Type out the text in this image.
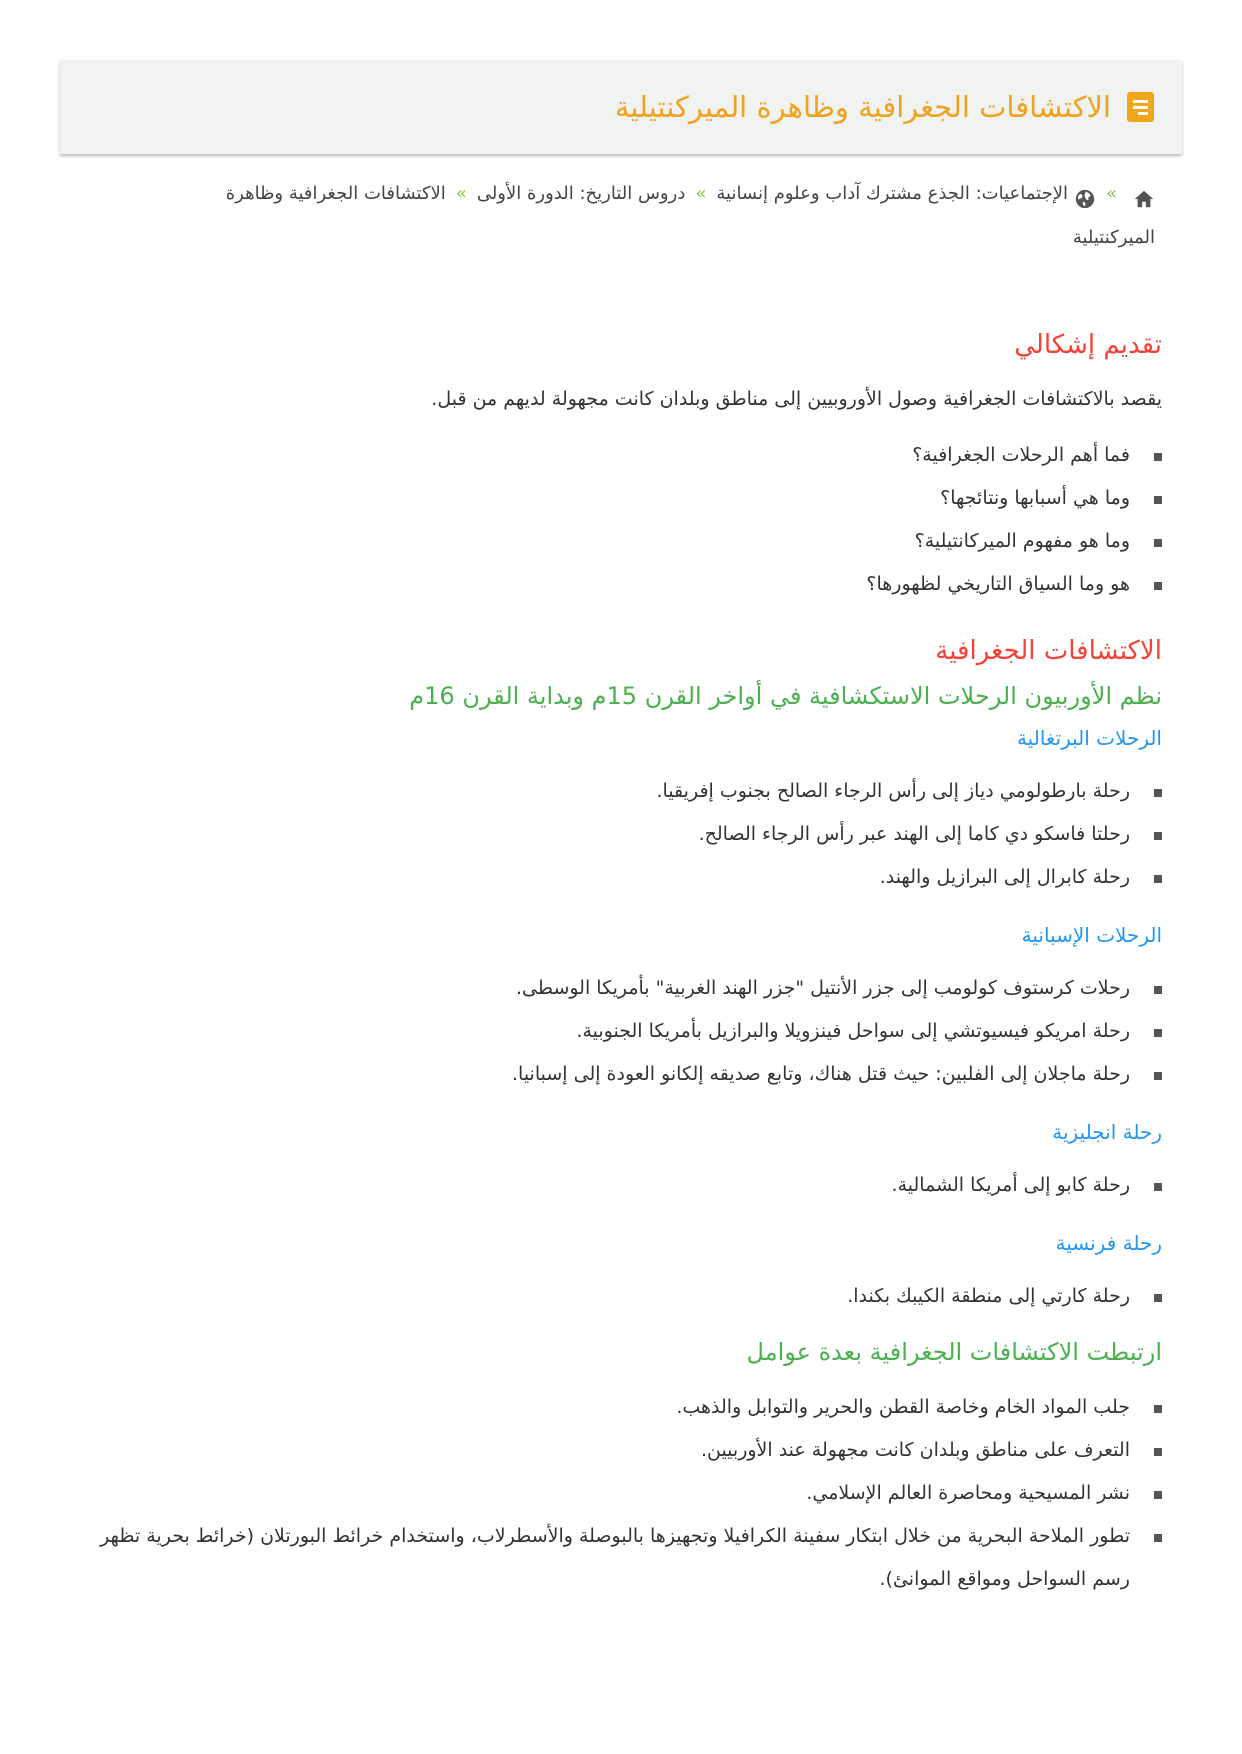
الاكتشافات الجغرافية وظاهرة الميركنتيلية
»الإجتماعيات: الجذع مشترك آداب وعلوم إنسانية»دروس التاريخ: الدورة الأولى»الاكتشافات الجغرافية وظاهرة الميركنتيلية
تقديم إشكالي

يقصد بالاكتشافات الجغرافية وصول الأوروبيين إلى مناطق وبلدان كانت مجهولة لديهم من قبل.

فما أهم الرحلات الجغرافية؟
وما هي أسبابها ونتائجها؟
وما هو مفهوم الميركانتيلية؟
هو وما السياق التاريخي لظهورها؟
الاكتشافات الجغرافية
نظم الأوربيون الرحلات الاستكشافية في أواخر القرن 15م وبداية القرن 16م
الرحلات البرتغالية
رحلة بارطولومي دياز إلى رأس الرجاء الصالح بجنوب إفريقيا.
رحلتا فاسكو دي كاما إلى الهند عبر رأس الرجاء الصالح.
رحلة كابرال إلى البرازيل والهند.
الرحلات الإسبانية
رحلات كرستوف كولومب إلى جزر الأنتيل "جزر الهند الغربية" بأمريكا الوسطى.
رحلة امريكو فيسيوتشي إلى سواحل فينزويلا والبرازيل بأمريكا الجنوبية.
رحلة ماجلان إلى الفلبين: حيث قتل هناك، وتابع صديقه إلكانو العودة إلى إسبانيا.
رحلة انجليزية
رحلة كابو إلى أمريكا الشمالية.
رحلة فرنسية
رحلة كارتي إلى منطقة الكيبك بكندا.
ارتبطت الاكتشافات الجغرافية بعدة عوامل
جلب المواد الخام وخاصة القطن والحرير والتوابل والذهب.
التعرف على مناطق وبلدان كانت مجهولة عند الأوربيين.
نشر المسيحية ومحاصرة العالم الإسلامي.
تطور الملاحة البحرية من خلال ابتكار سفينة الكرافيلا وتجهيزها بالبوصلة والأسطرلاب، واستخدام خرائط البورتلان (خرائط بحرية تظهر رسم السواحل ومواقع الموانئ).
